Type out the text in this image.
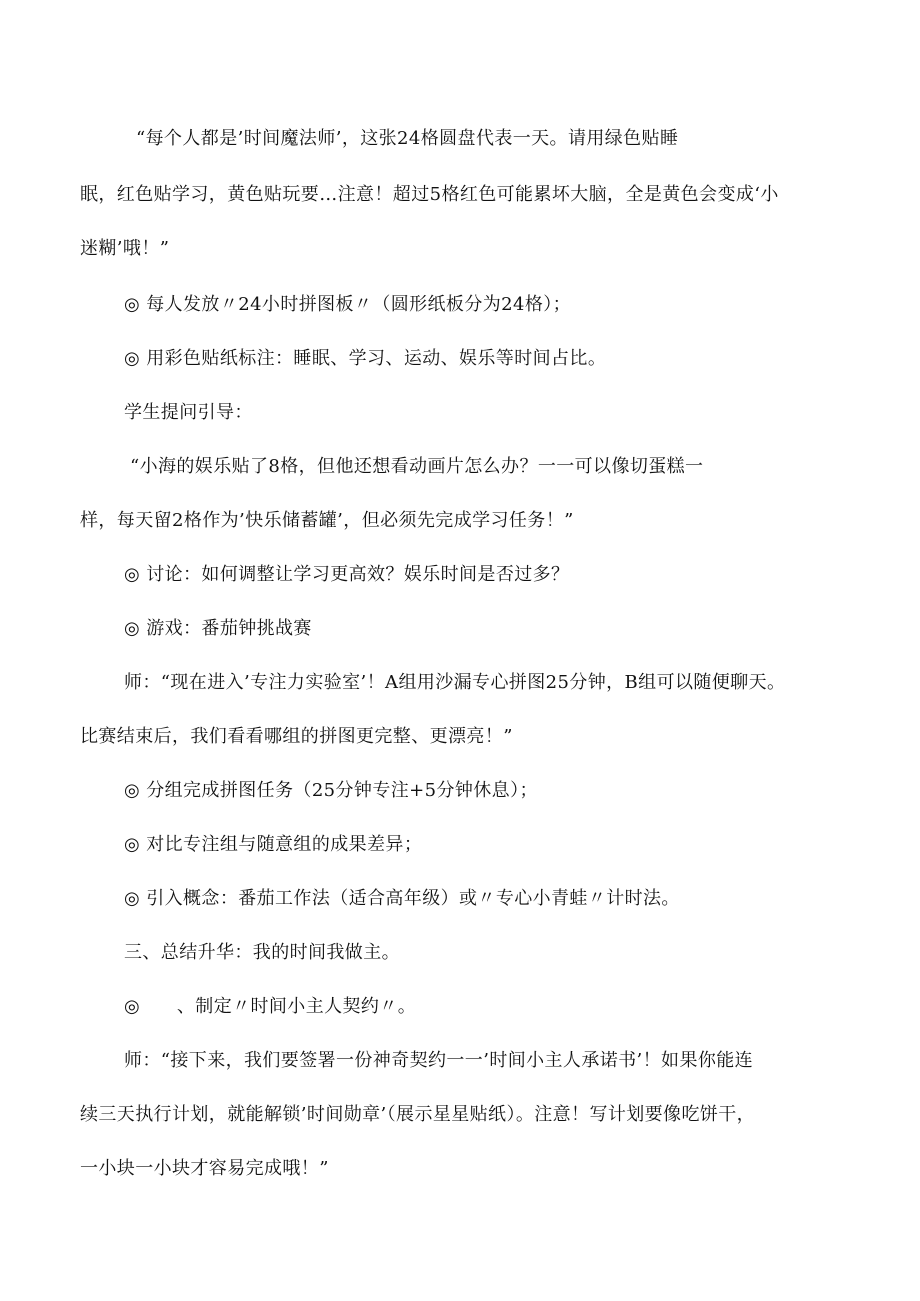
“每个人都是’时间魔法师’，这张24格圆盘代表一天。请用绿色贴睡
眠，红色贴学习，黄色贴玩要…注意！超过5格红色可能累坏大脑，全是黄色会变成‘小
迷糊’哦！”
◎ 每人发放〃24小时拼图板〃（圆形纸板分为24格）；
◎ 用彩色贴纸标注：睡眠、学习、运动、娱乐等时间占比。
学生提问引导：
“小海的娱乐贴了8格，但他还想看动画片怎么办？一一可以像切蛋糕一
样，每天留2格作为’快乐储蓄罐’，但必须先完成学习任务！”
◎ 讨论：如何调整让学习更高效？娱乐时间是否过多？
◎ 游戏：番茄钟挑战赛
师：“现在进入’专注力实验室’！A组用沙漏专心拼图25分钟，B组可以随便聊天。
比赛结束后，我们看看哪组的拼图更完整、更漂亮！”
◎ 分组完成拼图任务（25分钟专注+5分钟休息）；
◎ 对比专注组与随意组的成果差异；
◎ 引入概念：番茄工作法（适合高年级）或〃专心小青蛙〃计时法。
三、总结升华：我的时间我做主。
◎　　、制定〃时间小主人契约〃。
师：“接下来，我们要签署一份神奇契约一一’时间小主人承诺书’！如果你能连
续三天执行计划，就能解锁’时间勋章’（展示星星贴纸）。注意！写计划要像吃饼干，
一小块一小块才容易完成哦！”
